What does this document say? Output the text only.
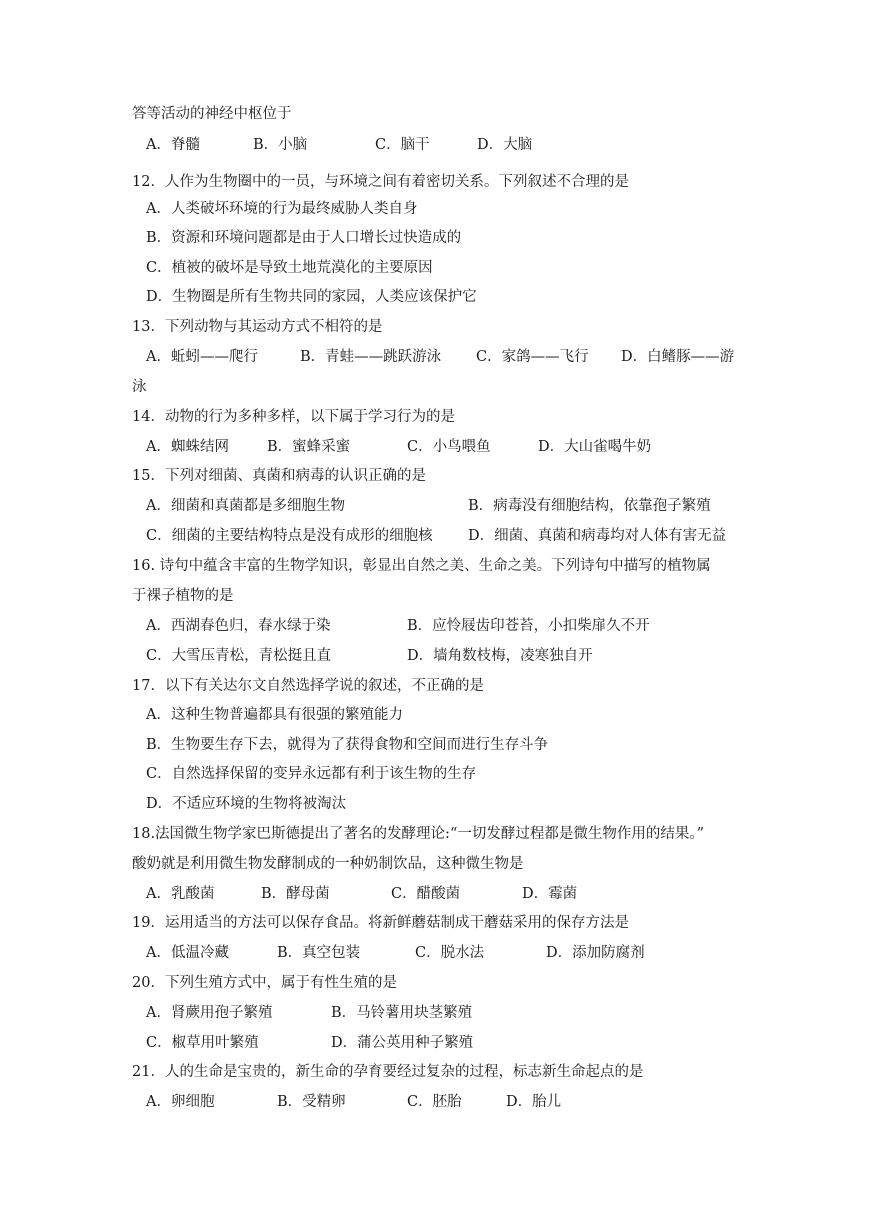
答等活动的神经中枢位于
A．脊髓	B．小脑	C．脑干	D．大脑
12．人作为生物圈中的一员，与环境之间有着密切关系。下列叙述不合理的是
A．人类破坏环境的行为最终威胁人类自身
B．资源和环境问题都是由于人口增长过快造成的
C．植被的破坏是导致土地荒漠化的主要原因
D．生物圈是所有生物共同的家园，人类应该保护它
13．下列动物与其运动方式不相符的是
A．蚯蚓——爬行	B．青蛙——跳跃游泳 C．家鸽——飞行 D．白鳍豚——游
泳
14．动物的行为多种多样，以下属于学习行为的是
A．蜘蛛结网	B．蜜蜂采蜜	C．小鸟喂鱼	D．大山雀喝牛奶
15．下列对细菌、真菌和病毒的认识正确的是
A．细菌和真菌都是多细胞生物	B．病毒没有细胞结构，依靠孢子繁殖
C．细菌的主要结构特点是没有成形的细胞核 D．细菌、真菌和病毒均对人体有害无益
16. 诗句中蕴含丰富的生物学知识，彰显出自然之美、生命之美。下列诗句中描写的植物属
于裸子植物的是
A．西湖春色归，春水绿于染	B．应怜屐齿印苍苔，小扣柴扉久不开
C．大雪压青松，青松挺且直	D．墙角数枝梅，凌寒独自开
17．以下有关达尔文自然选择学说的叙述，不正确的是
A．这种生物普遍都具有很强的繁殖能力
B．生物要生存下去，就得为了获得食物和空间而进行生存斗争
C．自然选择保留的变异永远都有利于该生物的生存
D．不适应环境的生物将被淘汰
18.法国微生物学家巴斯德提出了著名的发酵理论:“一切发酵过程都是微生物作用的结果。”
酸奶就是利用微生物发酵制成的一种奶制饮品，这种微生物是
A．乳酸菌	B．酵母菌	C．醋酸菌	D．霉菌
19．运用适当的方法可以保存食品。将新鲜蘑菇制成干蘑菇采用的保存方法是
A．低温冷藏	B．真空包装	C．脱水法	D．添加防腐剂
20．下列生殖方式中，属于有性生殖的是
A．肾蕨用孢子繁殖	B．马铃薯用块茎繁殖
C．椒草用叶繁殖	D．蒲公英用种子繁殖
21．人的生命是宝贵的，新生命的孕育要经过复杂的过程，标志新生命起点的是
A．卵细胞	B．受精卵	C．胚胎	D．胎儿
